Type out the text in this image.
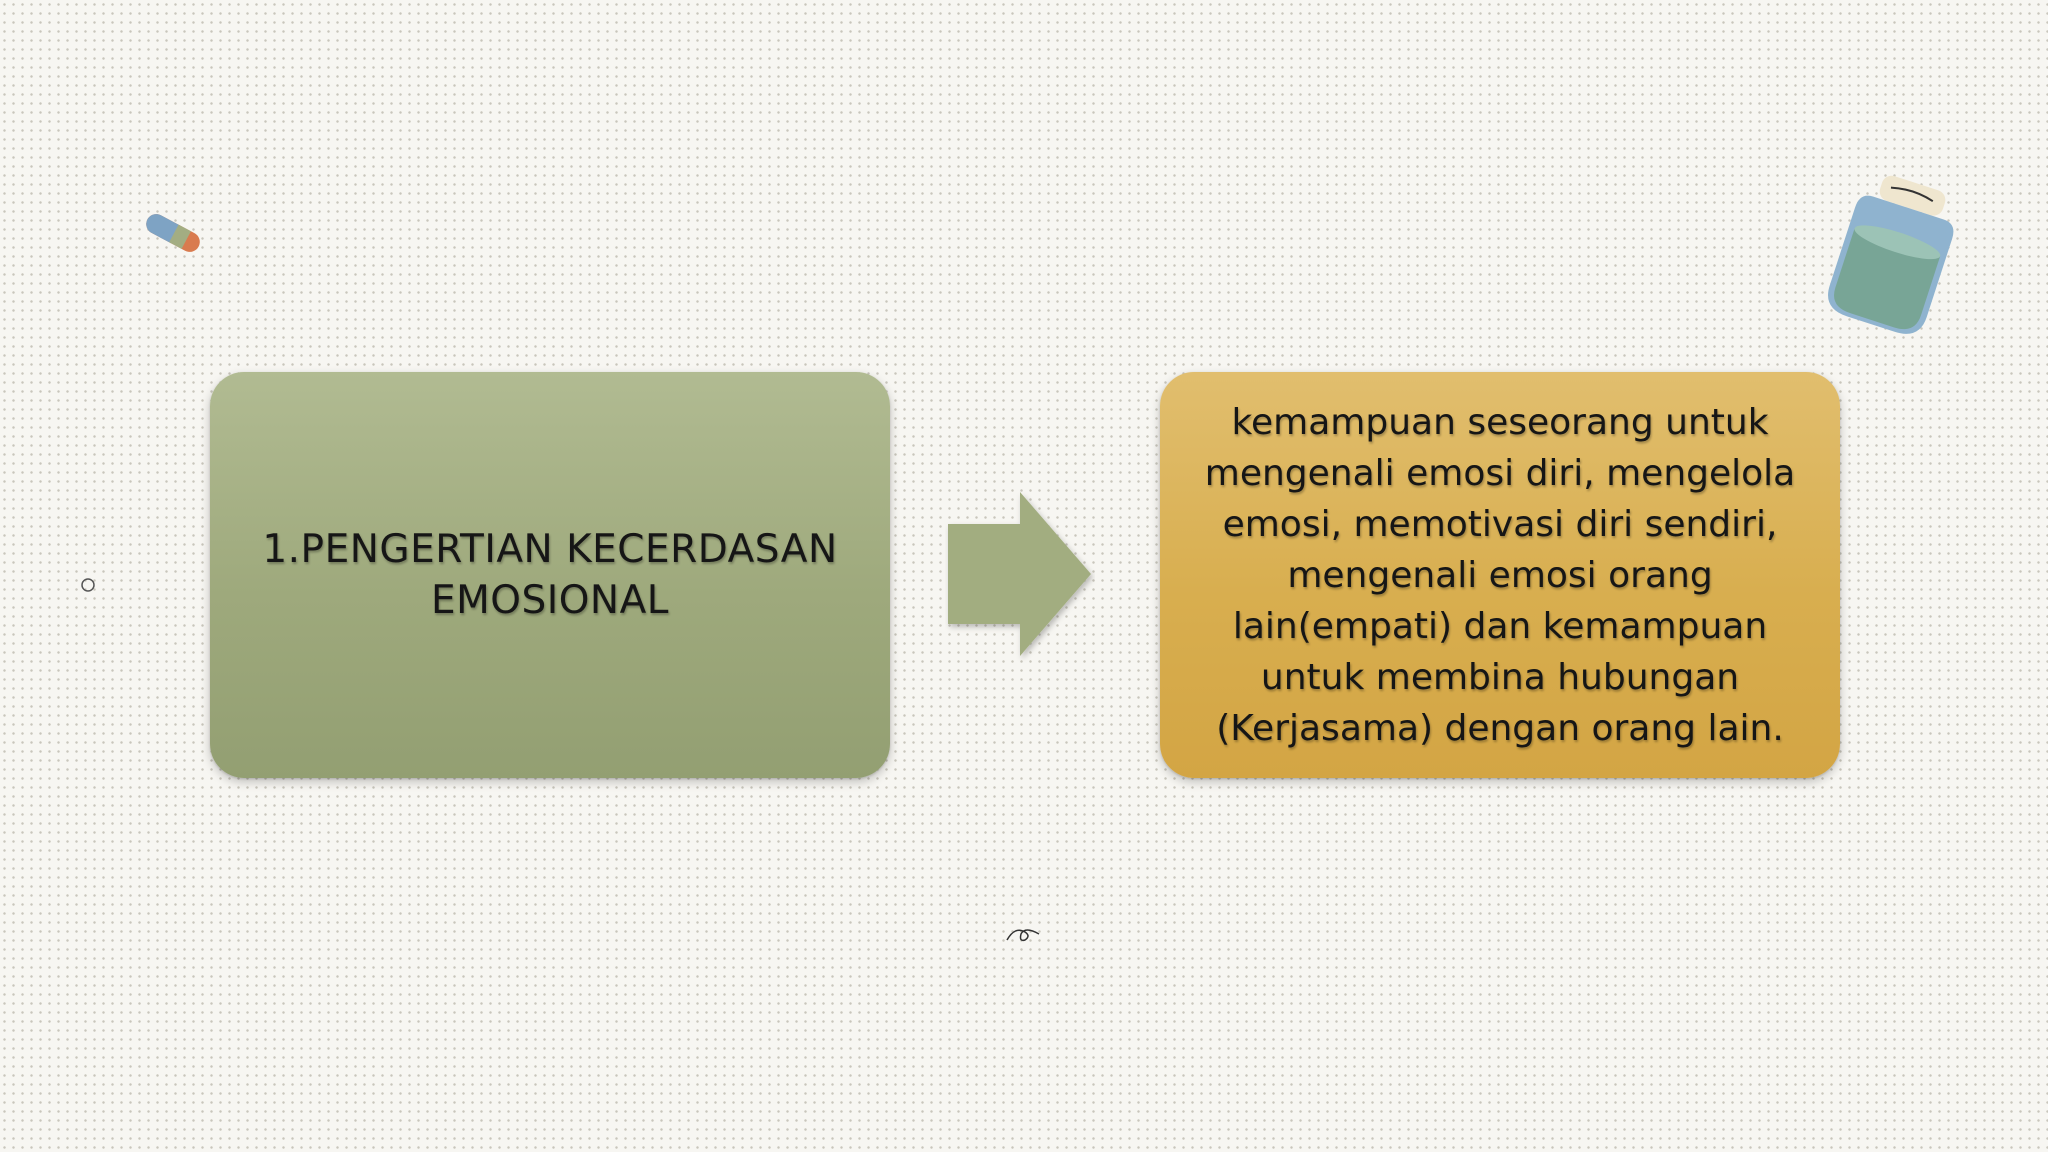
1.PENGERTIAN KECERDASAN
EMOSIONAL

kemampuan seseorang untuk
mengenali emosi diri, mengelola
emosi, memotivasi diri sendiri,
mengenali emosi orang
lain(empati) dan kemampuan
untuk membina hubungan
(Kerjasama) dengan orang lain.
